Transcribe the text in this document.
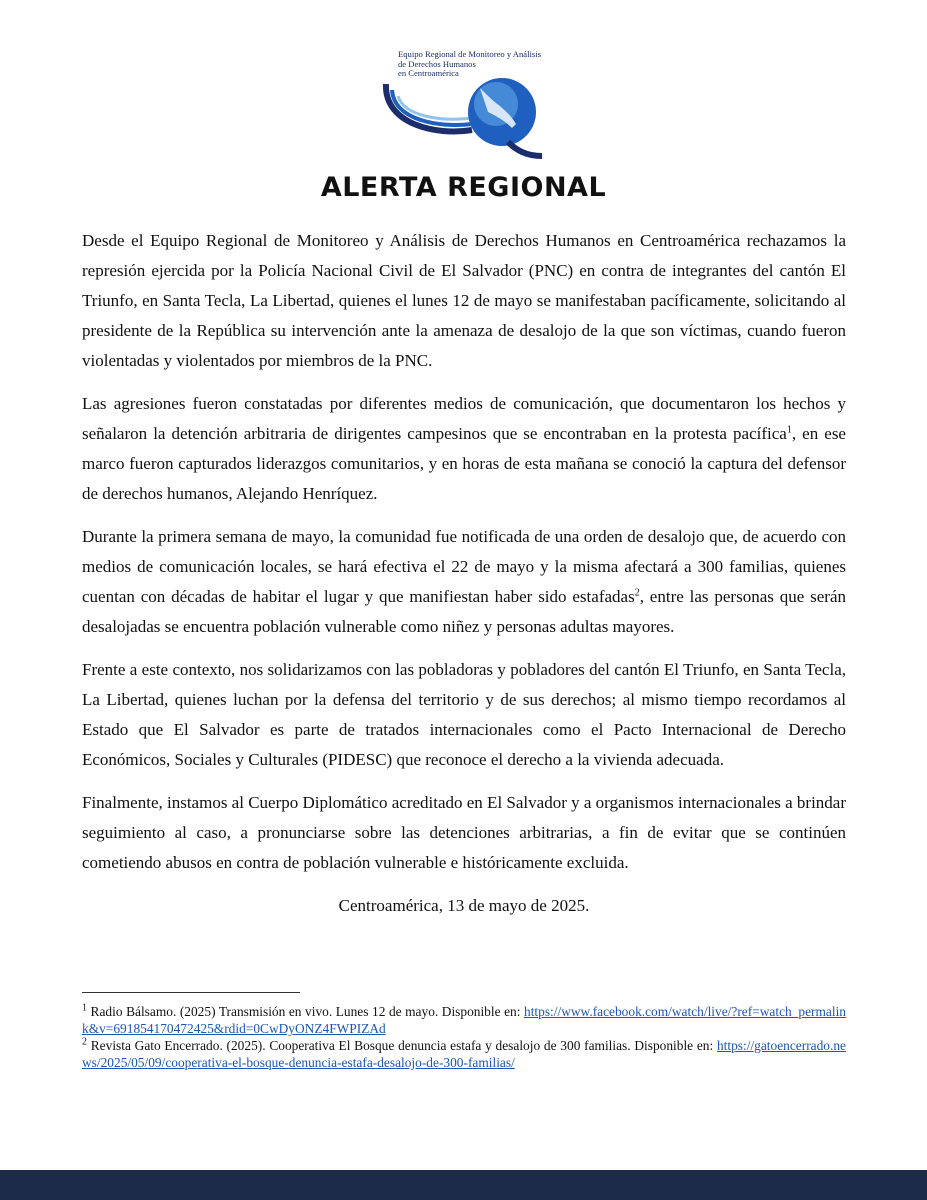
Equipo Regional de Monitoreo y Análisis
de Derechos Humanos
en Centroamérica
ALERTA REGIONAL

Desde el Equipo Regional de Monitoreo y Análisis de Derechos Humanos en Centroamérica rechazamos la represión ejercida por la Policía Nacional Civil de El Salvador (PNC) en contra de integrantes del cantón El Triunfo, en Santa Tecla, La Libertad, quienes el lunes 12 de mayo se manifestaban pacíficamente, solicitando al presidente de la República su intervención ante la amenaza de desalojo de la que son víctimas, cuando fueron violentadas y violentados por miembros de la PNC.

Las agresiones fueron constatadas por diferentes medios de comunicación, que documentaron los hechos y señalaron la detención arbitraria de dirigentes campesinos que se encontraban en la protesta pacífica$^1$, en ese marco fueron capturados liderazgos comunitarios, y en horas de esta mañana se conoció la captura del defensor de derechos humanos, Alejando Henríquez.

Durante la primera semana de mayo, la comunidad fue notificada de una orden de desalojo que, de acuerdo con medios de comunicación locales, se hará efectiva el 22 de mayo y la misma afectará a 300 familias, quienes cuentan con décadas de habitar el lugar y que manifiestan haber sido estafadas$^2$, entre las personas que serán desalojadas se encuentra población vulnerable como niñez y personas adultas mayores.

Frente a este contexto, nos solidarizamos con las pobladoras y pobladores del cantón El Triunfo, en Santa Tecla, La Libertad, quienes luchan por la defensa del territorio y de sus derechos; al mismo tiempo recordamos al Estado que El Salvador es parte de tratados internacionales como el Pacto Internacional de Derecho Económicos, Sociales y Culturales (PIDESC) que reconoce el derecho a la vivienda adecuada.

Finalmente, instamos al Cuerpo Diplomático acreditado en El Salvador y a organismos internacionales a brindar seguimiento al caso, a pronunciarse sobre las detenciones arbitrarias, a fin de evitar que se continúen cometiendo abusos en contra de población vulnerable e históricamente excluida.

Centroamérica, 13 de mayo de 2025.

$^1$ Radio Bálsamo. (2025) Transmisión en vivo. Lunes 12 de mayo. Disponible en: https://www.facebook.com/watch/live/?ref=watch_permalink&v=691854170472425&rdid=0CwDyONZ4FWPIZAd

$^2$ Revista Gato Encerrado. (2025). Cooperativa El Bosque denuncia estafa y desalojo de 300 familias. Disponible en: https://gatoencerrado.news/2025/05/09/cooperativa-el-bosque-denuncia-estafa-desalojo-de-300-familias/
